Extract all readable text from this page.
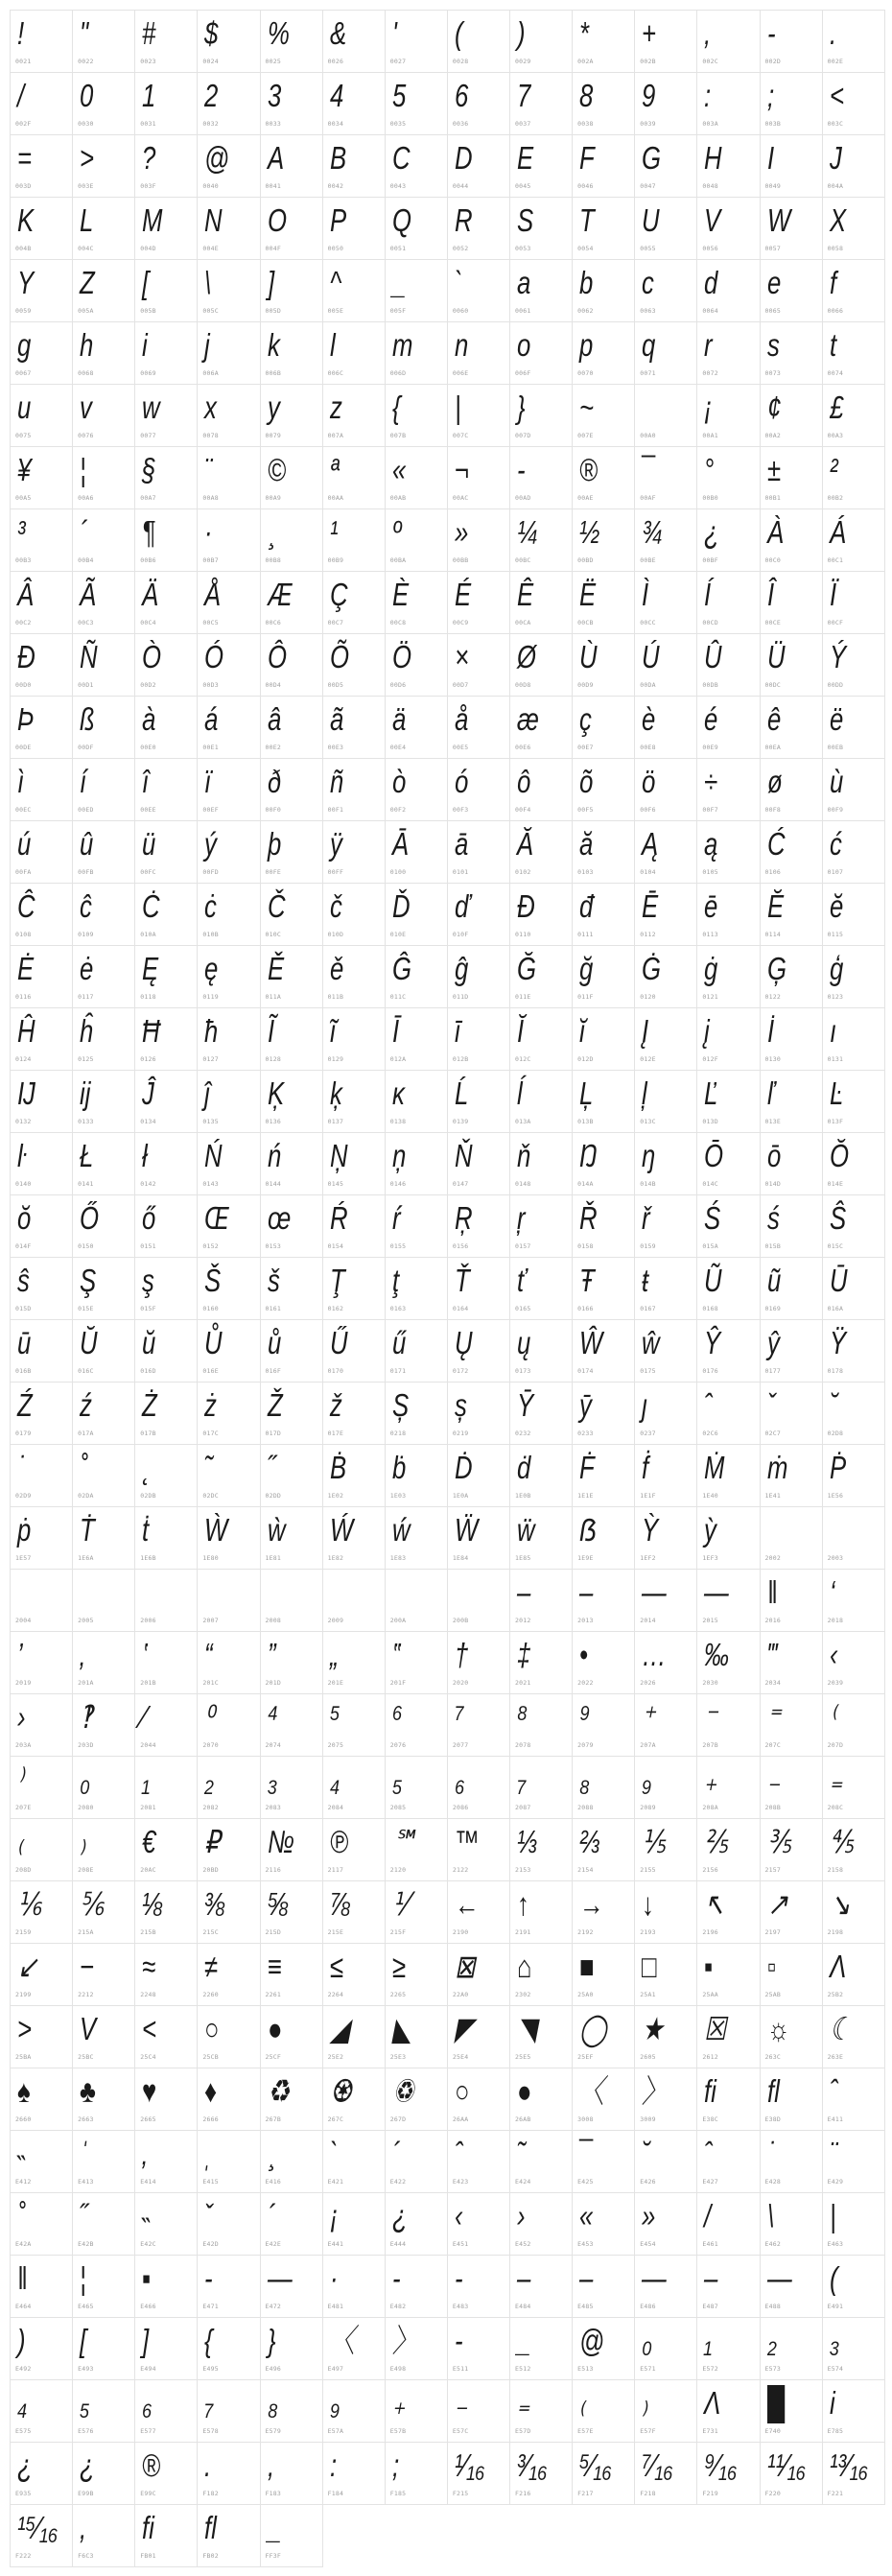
!
0021
"
0022
#
0023
$
0024
%
0025
&
0026
'
0027
(
0028
)
0029
*
002A
+
002B
,
002C
-
002D
.
002E
/
002F
0
0030
1
0031
2
0032
3
0033
4
0034
5
0035
6
0036
7
0037
8
0038
9
0039
:
003A
;
003B
<
003C
=
003D
>
003E
?
003F
@
0040
A
0041
B
0042
C
0043
D
0044
E
0045
F
0046
G
0047
H
0048
I
0049
J
004A
K
004B
L
004C
M
004D
N
004E
O
004F
P
0050
Q
0051
R
0052
S
0053
T
0054
U
0055
V
0056
W
0057
X
0058
Y
0059
Z
005A
[
005B
\
005C
]
005D
^
005E
_
005F
`
0060
a
0061
b
0062
c
0063
d
0064
e
0065
f
0066
g
0067
h
0068
i
0069
j
006A
k
006B
l
006C
m
006D
n
006E
o
006F
p
0070
q
0071
r
0072
s
0073
t
0074
u
0075
v
0076
w
0077
x
0078
y
0079
z
007A
{
007B
|
007C
}
007D
~
007E	00A0
¡
00A1
¢
00A2
£
00A3
¥
00A5
¦
00A6
§
00A7
¨
00A8
©
00A9
ª
00AA
«
00AB
¬
00AC
-
00AD
®
00AE
¯
00AF
°
00B0
±
00B1
²
00B2
³
00B3
´
00B4
¶
00B6
·
00B7
¸
00B8
¹
00B9
º
00BA
»
00BB
¼
00BC
½
00BD
¾
00BE
¿
00BF
À
00C0
Á
00C1
Â
00C2
Ã
00C3
Ä
00C4
Å
00C5
Æ
00C6
Ç
00C7
È
00C8
É
00C9
Ê
00CA
Ë
00CB
Ì
00CC
Í
00CD
Î
00CE
Ï
00CF
Ð
00D0
Ñ
00D1
Ò
00D2
Ó
00D3
Ô
00D4
Õ
00D5
Ö
00D6
×
00D7
Ø
00D8
Ù
00D9
Ú
00DA
Û
00DB
Ü
00DC
Ý
00DD
Þ
00DE
ß
00DF
à
00E0
á
00E1
â
00E2
ã
00E3
ä
00E4
å
00E5
æ
00E6
ç
00E7
è
00E8
é
00E9
ê
00EA
ë
00EB
ì
00EC
í
00ED
î
00EE
ï
00EF
ð
00F0
ñ
00F1
ò
00F2
ó
00F3
ô
00F4
õ
00F5
ö
00F6
÷
00F7
ø
00F8
ù
00F9
ú
00FA
û
00FB
ü
00FC
ý
00FD
þ
00FE
ÿ
00FF
Ā
0100
ā
0101
Ă
0102
ă
0103
Ą
0104
ą
0105
Ć
0106
ć
0107
Ĉ
0108
ĉ
0109
Ċ
010A
ċ
010B
Č
010C
č
010D
Ď
010E
ď
010F
Đ
0110
đ
0111
Ē
0112
ē
0113
Ĕ
0114
ĕ
0115
Ė
0116
ė
0117
Ę
0118
ę
0119
Ě
011A
ě
011B
Ĝ
011C
ĝ
011D
Ğ
011E
ğ
011F
Ġ
0120
ġ
0121
Ģ
0122
ģ
0123
Ĥ
0124
ĥ
0125
Ħ
0126
ħ
0127
Ĩ
0128
ĩ
0129
Ī
012A
ī
012B
Ĭ
012C
ĭ
012D
Į
012E
į
012F
İ
0130
ı
0131
Ĳ
0132
ĳ
0133
Ĵ
0134
ĵ
0135
Ķ
0136
ķ
0137
ĸ
0138
Ĺ
0139
ĺ
013A
Ļ
013B
ļ
013C
Ľ
013D
ľ
013E
Ŀ
013F
ŀ
0140
Ł
0141
ł
0142
Ń
0143
ń
0144
Ņ
0145
ņ
0146
Ň
0147
ň
0148
Ŋ
014A
ŋ
014B
Ō
014C
ō
014D
Ŏ
014E
ŏ
014F
Ő
0150
ő
0151
Œ
0152
œ
0153
Ŕ
0154
ŕ
0155
Ŗ
0156
ŗ
0157
Ř
0158
ř
0159
Ś
015A
ś
015B
Ŝ
015C
ŝ
015D
Ş
015E
ş
015F
Š
0160
š
0161
Ţ
0162
ţ
0163
Ť
0164
ť
0165
Ŧ
0166
ŧ
0167
Ũ
0168
ũ
0169
Ū
016A
ū
016B
Ŭ
016C
ŭ
016D
Ů
016E
ů
016F
Ű
0170
ű
0171
Ų
0172
ų
0173
Ŵ
0174
ŵ
0175
Ŷ
0176
ŷ
0177
Ÿ
0178
Ź
0179
ź
017A
Ż
017B
ż
017C
Ž
017D
ž
017E
Ș
0218
ș
0219
Ȳ
0232
ȳ
0233
ȷ
0237
ˆ
02C6
ˇ
02C7
˘
02D8
˙
02D9
˚
02DA
˛
02DB
˜
02DC
˝
02DD
Ḃ
1E02
ḃ
1E03
Ḋ
1E0A
ḋ
1E0B
Ḟ
1E1E
ḟ
1E1F
Ṁ
1E40
ṁ
1E41
Ṗ
1E56
ṗ
1E57
Ṫ
1E6A
ṫ
1E6B
Ẁ
1E80
ẁ
1E81
Ẃ
1E82
ẃ
1E83
Ẅ
1E84
ẅ
1E85
ẞ
1E9E
Ỳ
1EF2
ỳ
1EF3	2002	2003
2004	2005	2006	2007	2008	2009	200A	200B
‒
2012
–
2013
—
2014
―
2015
‖
2016
‘
2018
’
2019
‚
201A
‛
201B
“
201C
”
201D
„
201E
‟
201F
†
2020
‡
2021
•
2022
…
2026
‰
2030
‴
2034
‹
2039
›
203A
‽
203D
⁄
2044
⁰
2070
⁴
2074
⁵
2075
⁶
2076
⁷
2077
⁸
2078
⁹
2079
⁺
207A
⁻
207B
⁼
207C
⁽
207D
⁾
207E
₀
2080
₁
2081
₂
2082
₃
2083
₄
2084
₅
2085
₆
2086
₇
2087
₈
2088
₉
2089
₊
208A
₋
208B
₌
208C
₍
208D
₎
208E
€
20AC
₽
20BD
№
2116
℗
2117
℠
2120
™
2122
⅓
2153
⅔
2154
⅕
2155
⅖
2156
⅗
2157
⅘
2158
⅙
2159
⅚
215A
⅛
215B
⅜
215C
⅝
215D
⅞
215E
⅟
215F
←
2190
↑
2191
→
2192
↓
2193
↖
2196
↗
2197
↘
2198
↙
2199
−
2212
≈
2248
≠
2260
≡
2261
≤
2264
≥
2265
⊠
22A0
⌂
2302
■
25A0
□
25A1
▪
25AA
▫
25AB
Λ
25B2
>
25BA
V
25BC
<
25C4
○
25CB
●
25CF
◢
25E2
◣
25E3
◤
25E4
◥
25E5
◯
25EF
★
2605
☒
2612
☼
263C
☾
263E
♠
2660
♣
2663
♥
2665
♦
2666
♻
267B
♼
267C
♽
267D
○
26AA
●
26AB
〈
3008
〉
3009
ﬁ
E38C
ﬂ
E38D
ˆ
E411
˵
E412
ˈ
E413
‚
E414
ˌ
E415
¸
E416
`
E421
´
E422
ˆ
E423
˜
E424
¯
E425
˘
E426
ˆ
E427
˙
E428
¨
E429
˚
E42A
˝
E42B
˵
E42C
ˇ
E42D
´
E42E
¡
E441
¿
E444
‹
E451
›
E452
«
E453
»
E454
/
E461
\
E462
|
E463
‖
E464
¦
E465
▪
E466
-
E471
—
E472
·
E481
-
E482
-
E483
–
E484
–
E485
—
E486
–
E487
—
E488
(
E491
)
E492
[
E493
]
E494
{
E495
}
E496
〈
E497
〉
E498
-
E511
_
E512
@
E513
₀
E571
₁
E572
₂
E573
₃
E574
₄
E575
₅
E576
₆
E577
₇
E578
₈
E579
₉
E57A
₊
E57B
₋
E57C
₌
E57D
₍
E57E
₎
E57F
Λ
E731
█
E740
i
E785
¿
E935
¿
E99B
®
E99C
.
F182
,
F183
:
F184
;
F185
¹⁄₁₆
F215
³⁄₁₆
F216
⁵⁄₁₆
F217
⁷⁄₁₆
F218
⁹⁄₁₆
F219
¹¹⁄₁₆
F220
¹³⁄₁₆
F221
¹⁵⁄₁₆
F222
,
F6C3
ﬁ
FB01
ﬂ
FB02
_
FF3F
